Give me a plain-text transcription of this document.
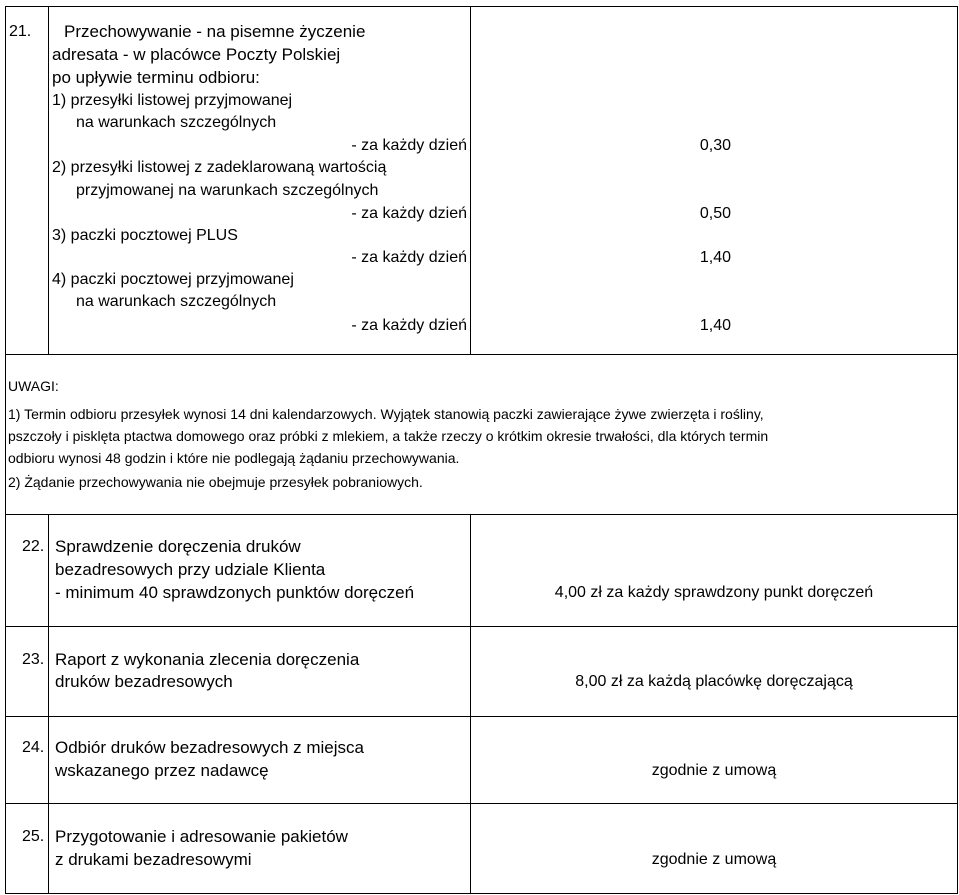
21. Przechowywanie - na pisemne życzenie
adresata - w placówce Poczty Polskiej
po upływie terminu odbioru:
1) przesyłki listowej przyjmowanej
na warunkach szczególnych
- za każdy dzień	0,30
2) przesyłki listowej z zadeklarowaną wartością
przyjmowanej na warunkach szczególnych
- za każdy dzień	0,50
3) paczki pocztowej PLUS
- za każdy dzień	1,40
4) paczki pocztowej przyjmowanej
na warunkach szczególnych
- za każdy dzień	1,40
UWAGI:
1) Termin odbioru przesyłek wynosi 14 dni kalendarzowych. Wyjątek stanowią paczki zawierające żywe zwierzęta i rośliny,
pszczoły i pisklęta ptactwa domowego oraz próbki z mlekiem, a także rzeczy o krótkim okresie trwałości, dla których termin
odbioru wynosi 48 godzin i które nie podlegają żądaniu przechowywania.
2) Żądanie przechowywania nie obejmuje przesyłek pobraniowych.
22. Sprawdzenie doręczenia druków
bezadresowych przy udziale Klienta
- minimum 40 sprawdzonych punktów doręczeń	4,00 zł za każdy sprawdzony punkt doręczeń
23. Raport z wykonania zlecenia doręczenia
druków bezadresowych	8,00 zł za każdą placówkę doręczającą
24. Odbiór druków bezadresowych z miejsca
wskazanego przez nadawcę	zgodnie z umową
25. Przygotowanie i adresowanie pakietów
z drukami bezadresowymi	zgodnie z umową
